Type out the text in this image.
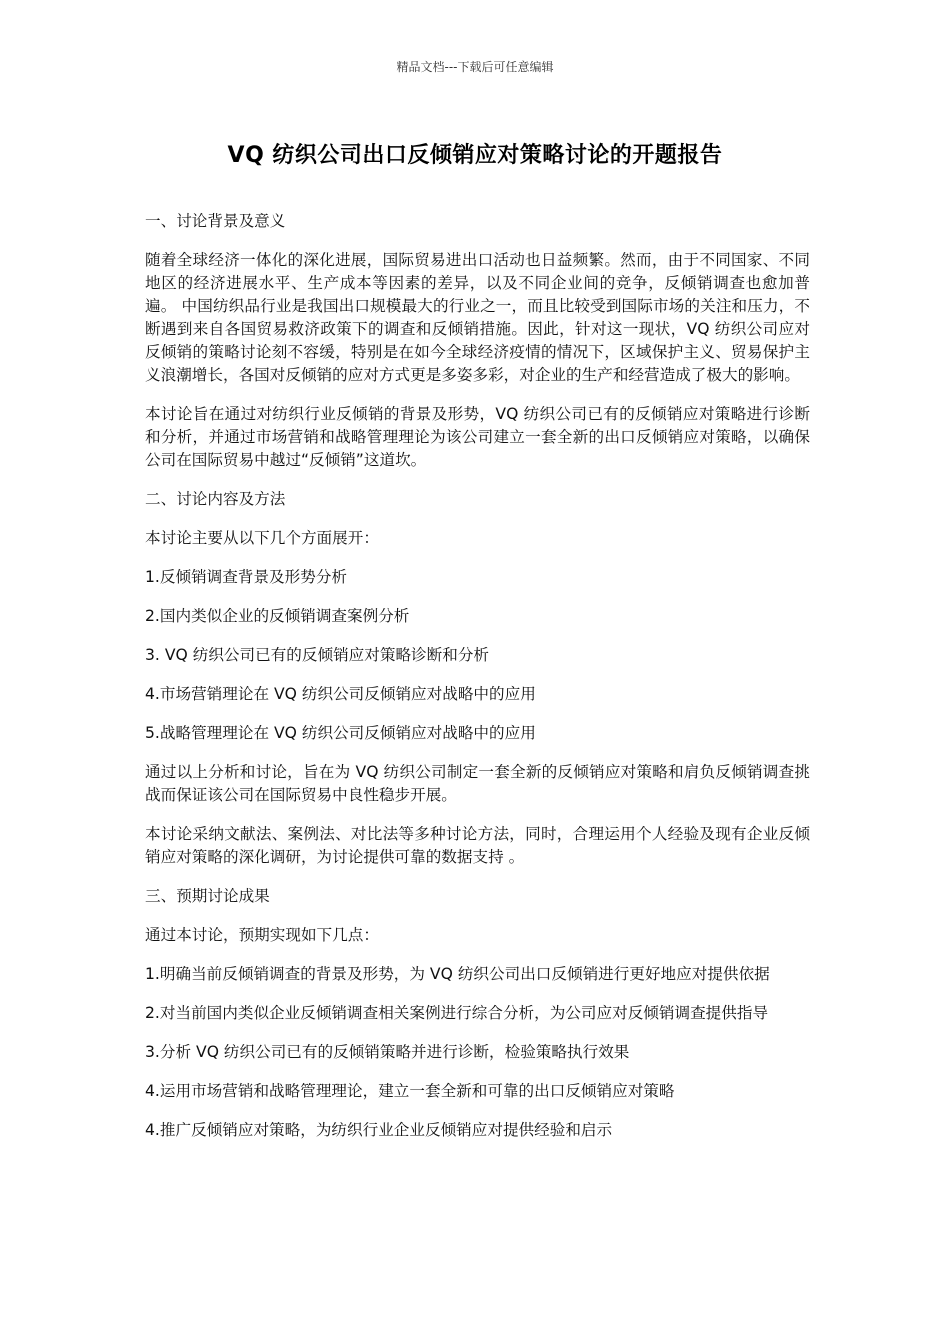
精品文档---下载后可任意编辑
VQ 纺织公司出口反倾销应对策略讨论的开题报告

一、讨论背景及意义

随着全球经济一体化的深化进展，国际贸易进出口活动也日益频繁。然而，由于不同国家、不同地区的经济进展水平、生产成本等因素的差异，以及不同企业间的竞争，反倾销调查也愈加普遍。 中国纺织品行业是我国出口规模最大的行业之一，而且比较受到国际市场的关注和压力，不断遇到来自各国贸易救济政策下的调查和反倾销措施。因此，针对这一现状，VQ 纺织公司应对反倾销的策略讨论刻不容缓，特别是在如今全球经济疫情的情况下，区域保护主义、贸易保护主义浪潮增长，各国对反倾销的应对方式更是多姿多彩，对企业的生产和经营造成了极大的影响。

本讨论旨在通过对纺织行业反倾销的背景及形势，VQ 纺织公司已有的反倾销应对策略进行诊断和分析，并通过市场营销和战略管理理论为该公司建立一套全新的出口反倾销应对策略，以确保公司在国际贸易中越过“反倾销”这道坎。

二、讨论内容及方法

本讨论主要从以下几个方面展开：

1.反倾销调查背景及形势分析

2.国内类似企业的反倾销调查案例分析

3. VQ 纺织公司已有的反倾销应对策略诊断和分析

4.市场营销理论在 VQ 纺织公司反倾销应对战略中的应用

5.战略管理理论在 VQ 纺织公司反倾销应对战略中的应用

通过以上分析和讨论，旨在为 VQ 纺织公司制定一套全新的反倾销应对策略和肩负反倾销调查挑战而保证该公司在国际贸易中良性稳步开展。

本讨论采纳文献法、案例法、对比法等多种讨论方法，同时，合理运用个人经验及现有企业反倾销应对策略的深化调研，为讨论提供可靠的数据支持 。

三、预期讨论成果

通过本讨论，预期实现如下几点：

1.明确当前反倾销调查的背景及形势，为 VQ 纺织公司出口反倾销进行更好地应对提供依据

2.对当前国内类似企业反倾销调查相关案例进行综合分析，为公司应对反倾销调查提供指导

3.分析 VQ 纺织公司已有的反倾销策略并进行诊断，检验策略执行效果

4.运用市场营销和战略管理理论，建立一套全新和可靠的出口反倾销应对策略

4.推广反倾销应对策略，为纺织行业企业反倾销应对提供经验和启示
